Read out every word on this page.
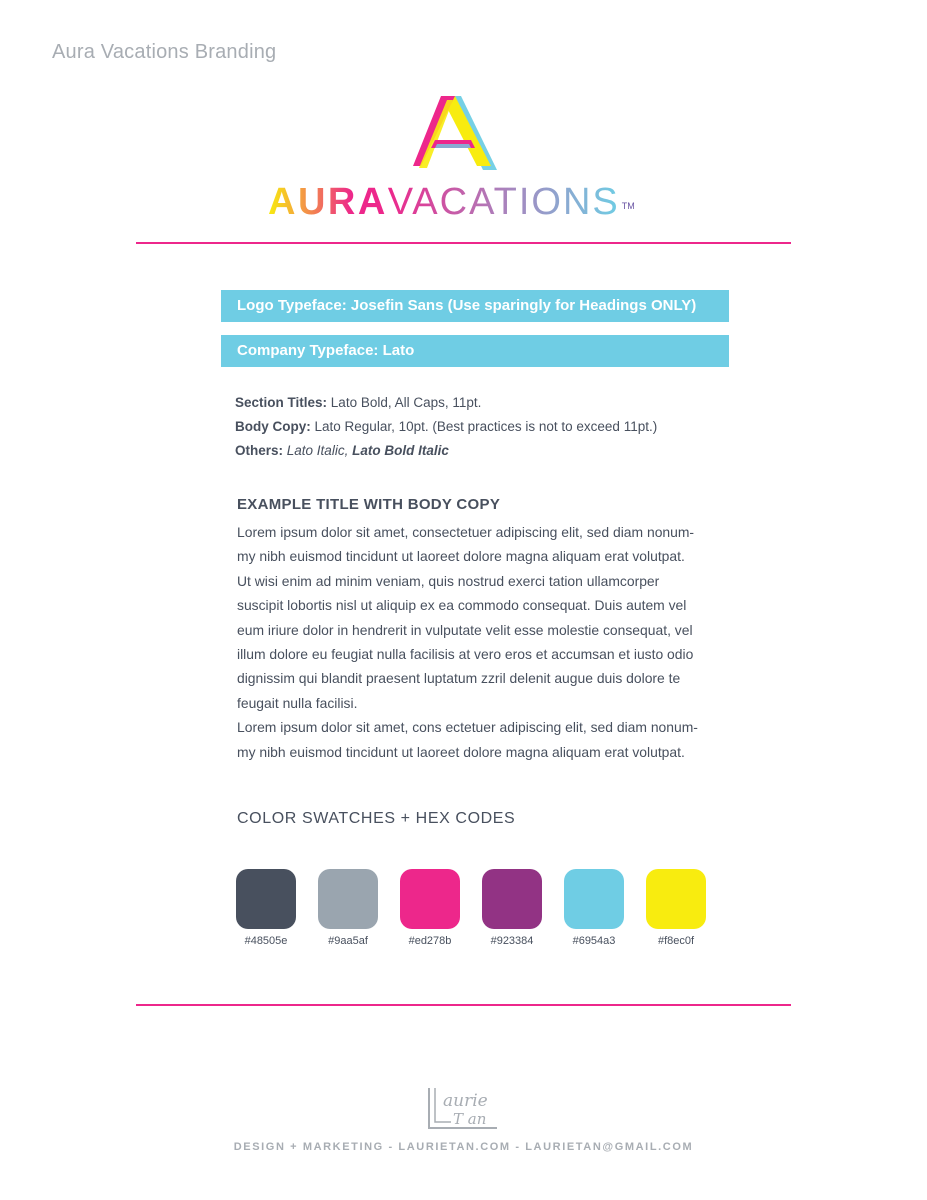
Aura Vacations Branding
AURAVACATIONS ™
Logo Typeface: Josefin Sans (Use sparingly for Headings ONLY)
Company Typeface: Lato
Section Titles: Lato Bold, All Caps, 11pt.
Body Copy: Lato Regular, 10pt. (Best practices is not to exceed 11pt.)
Others: Lato Italic, Lato Bold Italic
EXAMPLE TITLE WITH BODY COPY

Lorem ipsum dolor sit amet, consectetuer adipiscing elit, sed diam nonum-

my nibh euismod tincidunt ut laoreet dolore magna aliquam erat volutpat.

Ut wisi enim ad minim veniam, quis nostrud exerci tation ullamcorper

suscipit lobortis nisl ut aliquip ex ea commodo consequat. Duis autem vel

eum iriure dolor in hendrerit in vulputate velit esse molestie consequat, vel

illum dolore eu feugiat nulla facilisis at vero eros et accumsan et iusto odio

dignissim qui blandit praesent luptatum zzril delenit augue duis dolore te

feugait nulla facilisi.

Lorem ipsum dolor sit amet, cons ectetuer adipiscing elit, sed diam nonum-

my nibh euismod tincidunt ut laoreet dolore magna aliquam erat volutpat.

COLOR SWATCHES + HEX CODES
#48505e	#9aa5af	#ed278b	#923384	#6954a3	#f8ec0f
aurie
T an
DESIGN + MARKETING - LAURIETAN.COM - LAURIETAN@GMAIL.COM
